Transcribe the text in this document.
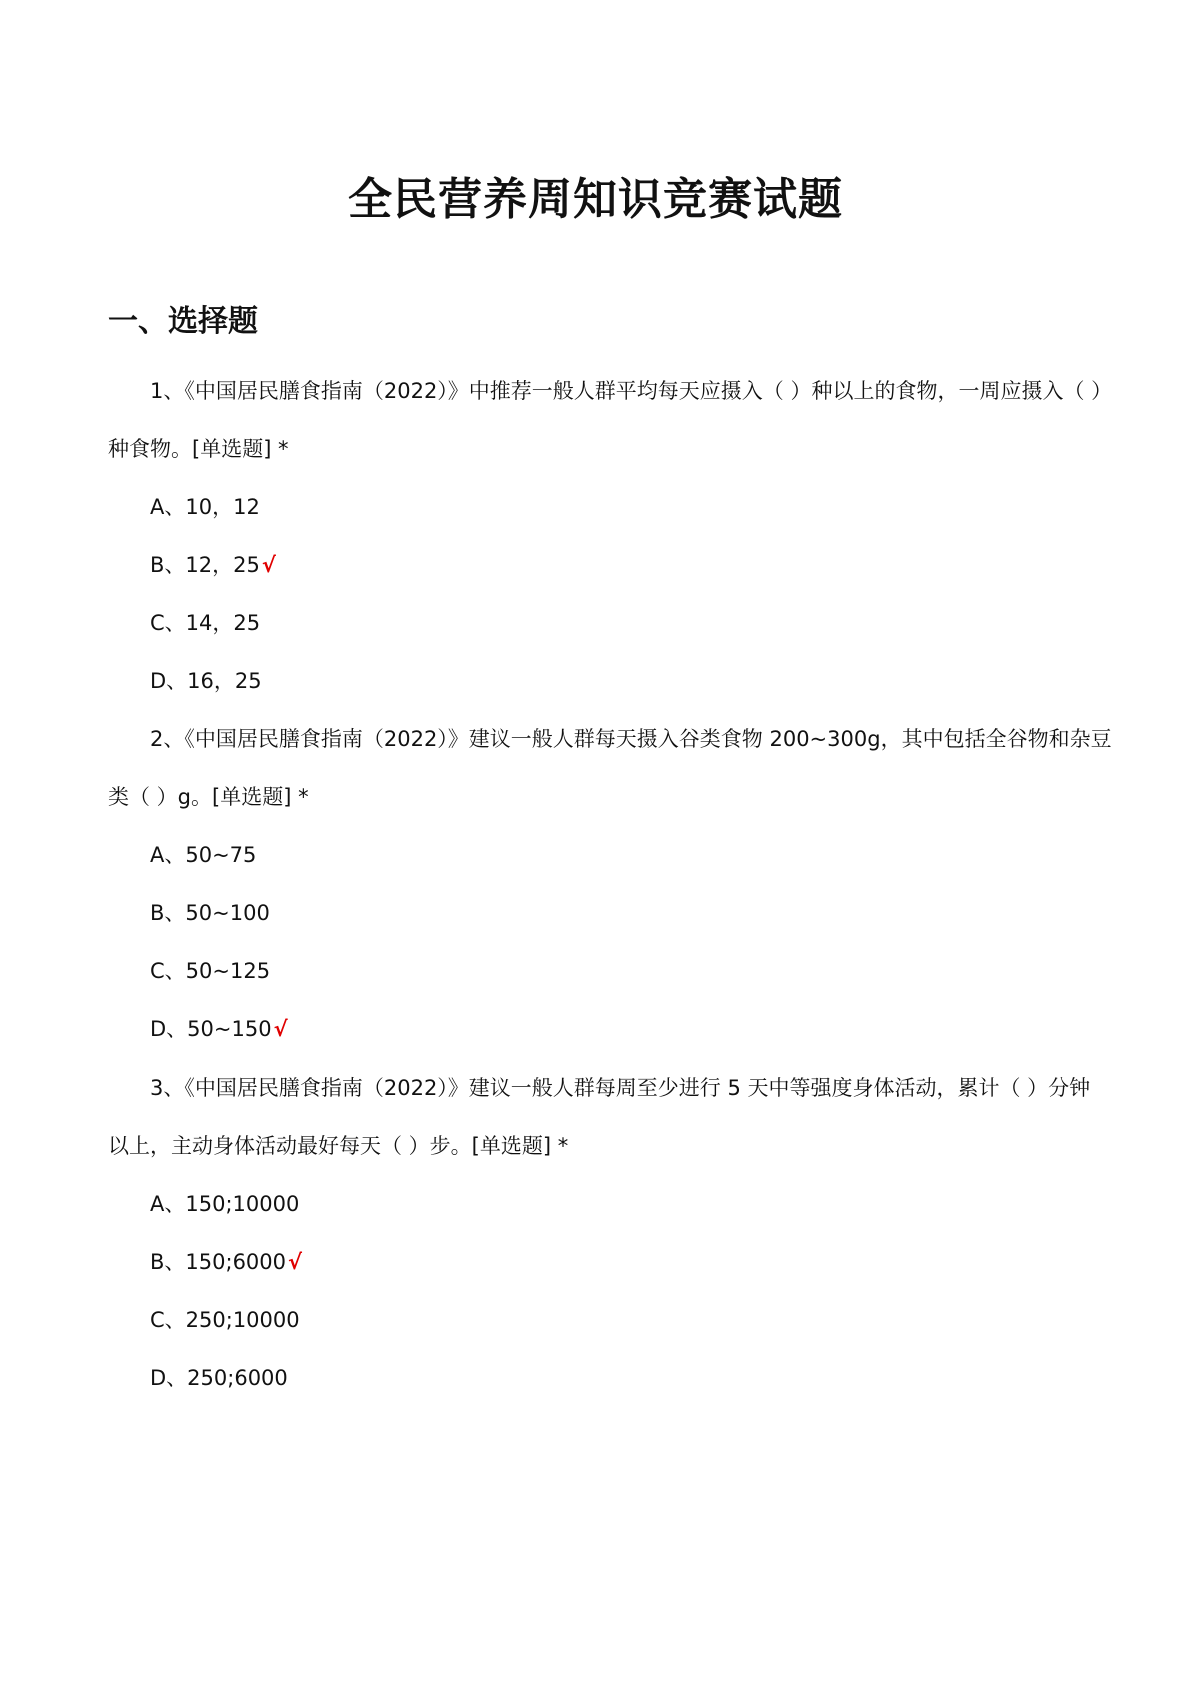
全民营养周知识竞赛试题
一、选择题
1、《中国居民膳食指南（2022）》中推荐一般人群平均每天应摄入（ ）种以上的食物，一周应摄入（ ）
种食物。[单选题] *
A、10，12
B、12，25√
C、14，25
D、16，25
2、《中国居民膳食指南（2022）》建议一般人群每天摄入谷类食物 200~300g，其中包括全谷物和杂豆
类（ ）g。[单选题] *
A、50~75
B、50~100
C、50~125
D、50~150√
3、《中国居民膳食指南（2022）》建议一般人群每周至少进行 5 天中等强度身体活动，累计（ ）分钟
以上，主动身体活动最好每天（ ）步。[单选题] *
A、150;10000
B、150;6000√
C、250;10000
D、250;6000
